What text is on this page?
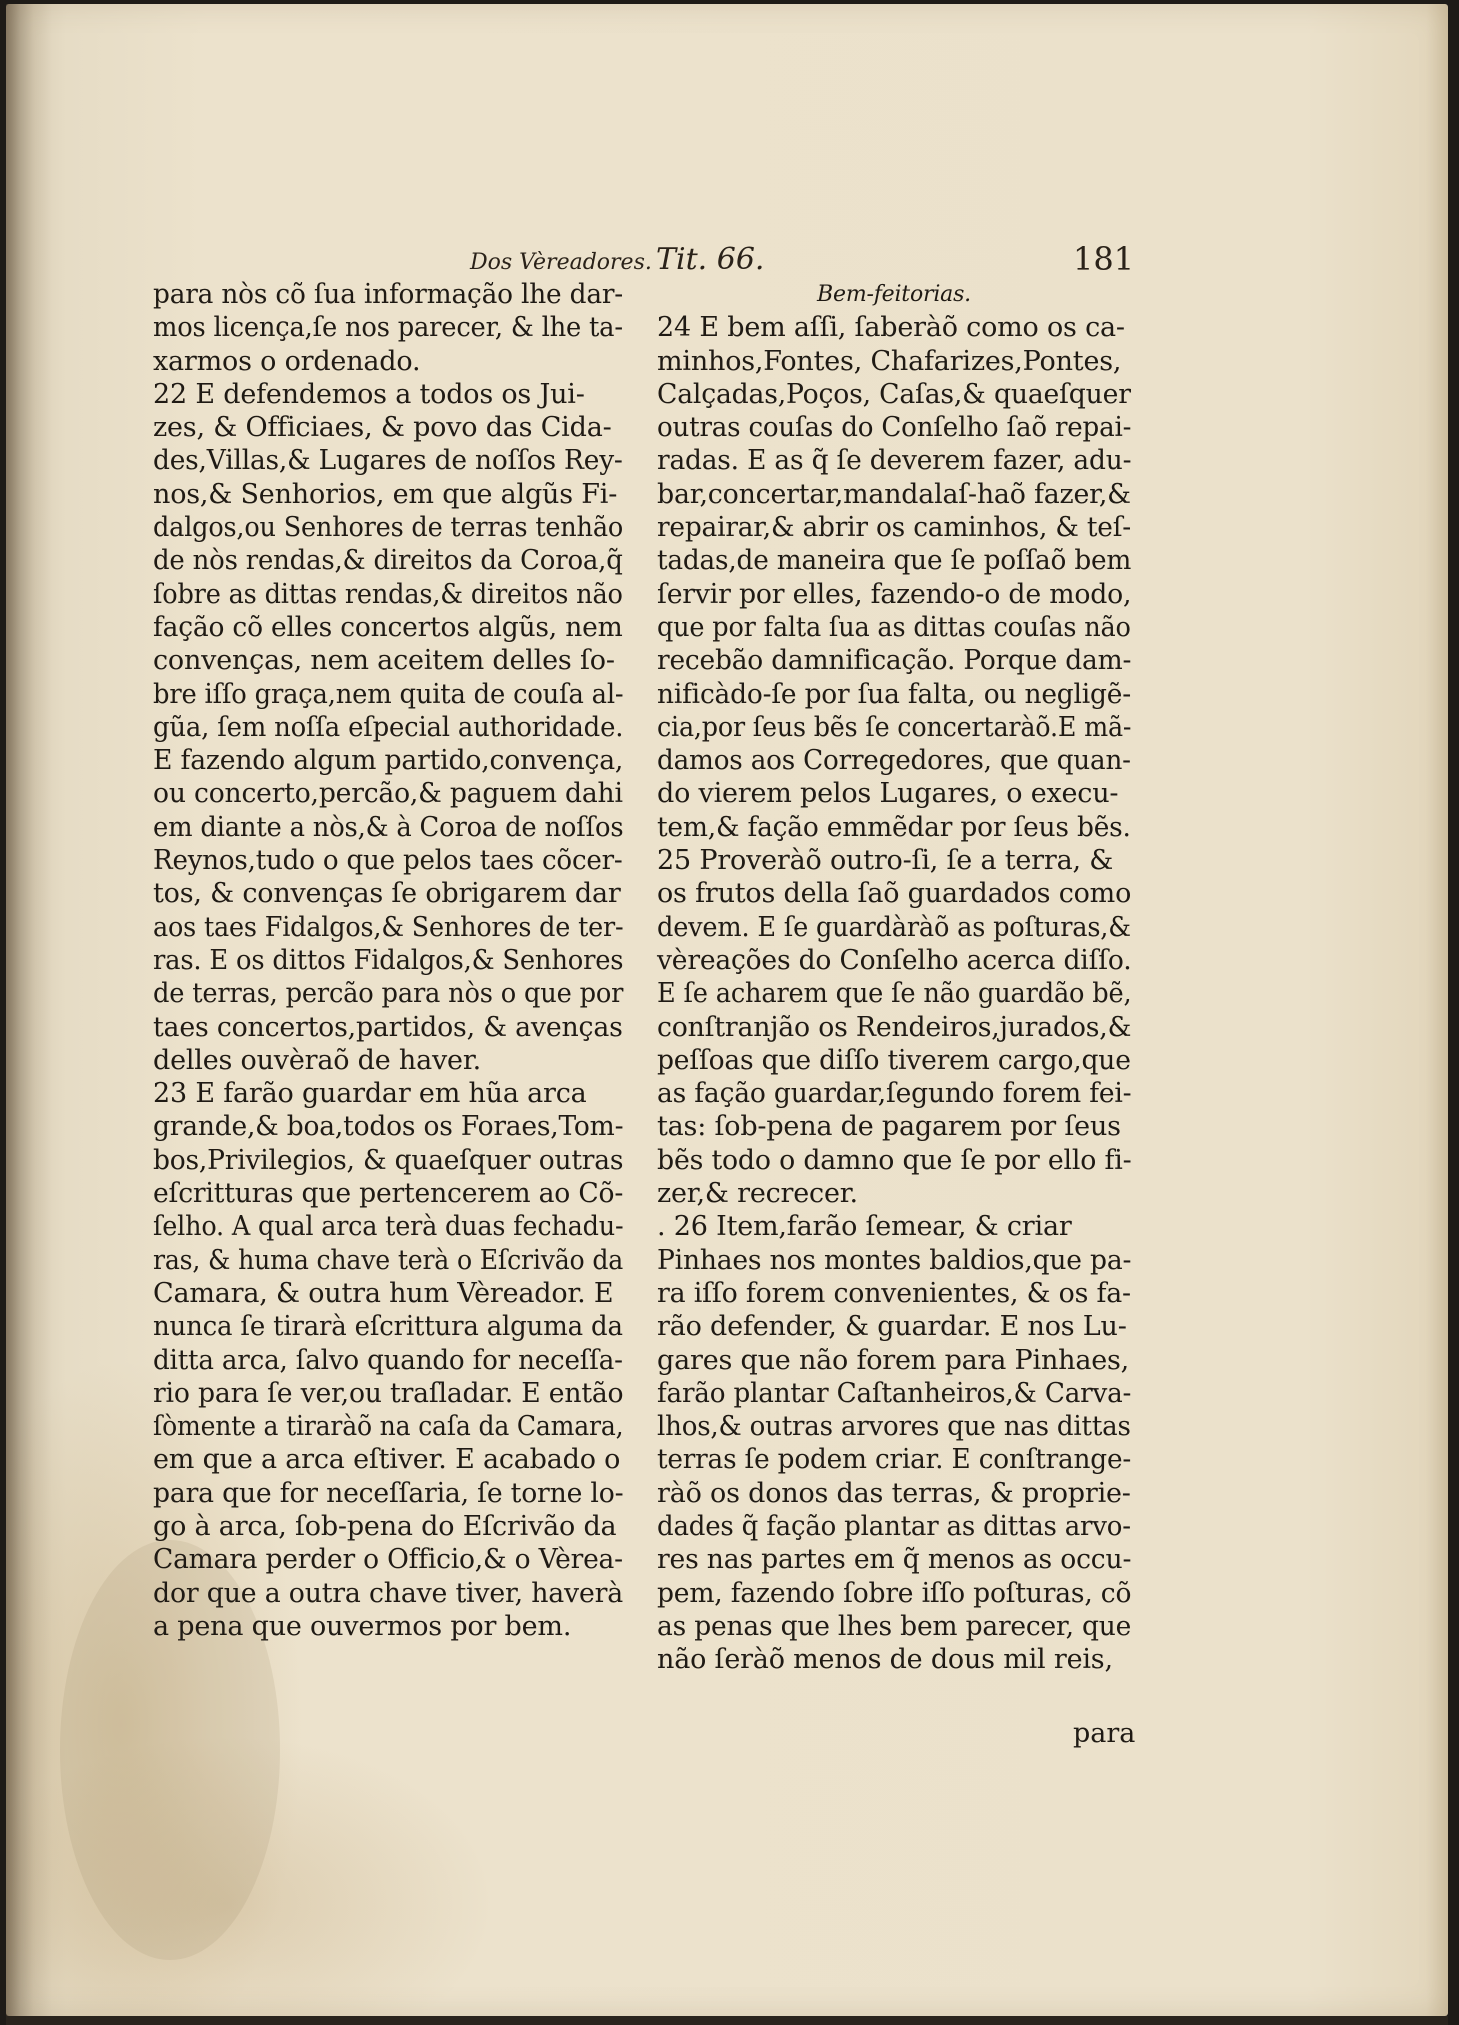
Dos Vèreadores. Tit. 66.	181
para nòs cõ ſua informação lhe dar-
mos licença,ſe nos parecer, & lhe ta-
xarmos o ordenado.
22 E defendemos a todos os Jui-
zes, & Officiaes, & povo das Cida-
des,Villas,& Lugares de noſſos Rey-
nos,& Senhorios, em que algũs Fi-
dalgos,ou Senhores de terras tenhão
de nòs rendas,& direitos da Coroa,q̃
ſobre as dittas rendas,& direitos não
fação cõ elles concertos algũs, nem
convenças, nem aceitem delles ſo-
bre iſſo graça,nem quita de couſa al-
gũa, ſem noſſa eſpecial authoridade.
E fazendo algum partido,convença,
ou concerto,percão,& paguem dahi
em diante a nòs,& à Coroa de noſſos
Reynos,tudo o que pelos taes cõcer-
tos, & convenças ſe obrigarem dar
aos taes Fidalgos,& Senhores de ter-
ras. E os dittos Fidalgos,& Senhores
de terras, percão para nòs o que por
taes concertos,partidos, & avenças
delles ouvèraõ de haver.
23 E farão guardar em hũa arca
grande,& boa,todos os Foraes,Tom-
bos,Privilegios, & quaeſquer outras
eſcritturas que pertencerem ao Cõ-
ſelho. A qual arca terà duas fechadu-
ras, & huma chave terà o Eſcrivão da
Camara, & outra hum Vèreador. E
nunca ſe tirarà eſcrittura alguma da
ditta arca, ſalvo quando for neceſſa-
rio para ſe ver,ou traſladar. E então
ſòmente a tiraràõ na caſa da Camara,
em que a arca eſtiver. E acabado o
para que for neceſſaria, ſe torne lo-
go à arca, ſob-pena do Eſcrivão da
Camara perder o Officio,& o Vèrea-
dor que a outra chave tiver, haverà
a pena que ouvermos por bem.
Bem-feitorias.
24 E bem aſſi, ſaberàõ como os ca-
minhos,Fontes, Chafarizes,Pontes,
Calçadas,Poços, Caſas,& quaeſquer
outras couſas do Conſelho ſaõ repai-
radas. E as q̃ ſe deverem fazer, adu-
bar,concertar,mandalaſ-haõ fazer,&
repairar,& abrir os caminhos, & teſ-
tadas,de maneira que ſe poſſaõ bem
ſervir por elles, fazendo-o de modo,
que por falta ſua as dittas couſas não
recebão damnificação. Porque dam-
nificàdo-ſe por ſua falta, ou negligẽ-
cia,por ſeus bẽs ſe concertaràõ.E mã-
damos aos Corregedores, que quan-
do vierem pelos Lugares, o execu-
tem,& fação emmẽdar por ſeus bẽs.
25 Proveràõ outro-ſi, ſe a terra, &
os frutos della ſaõ guardados como
devem. E ſe guardàràõ as poſturas,&
vèreações do Conſelho acerca diſſo.
E ſe acharem que ſe não guardão bẽ,
conſtranjão os Rendeiros,jurados,&
peſſoas que diſſo tiverem cargo,que
as fação guardar,ſegundo forem fei-
tas: ſob-pena de pagarem por ſeus
bẽs todo o damno que ſe por ello fi-
zer,& recrecer.
. 26 Item,farão ſemear, & criar
Pinhaes nos montes baldios,que pa-
ra iſſo forem convenientes, & os fa-
rão defender, & guardar. E nos Lu-
gares que não forem para Pinhaes,
farão plantar Caſtanheiros,& Carva-
lhos,& outras arvores que nas dittas
terras ſe podem criar. E conſtrange-
ràõ os donos das terras, & proprie-
dades q̃ fação plantar as dittas arvo-
res nas partes em q̃ menos as occu-
pem, fazendo ſobre iſſo poſturas, cõ
as penas que lhes bem parecer, que
não ſeràõ menos de dous mil reis,
para
